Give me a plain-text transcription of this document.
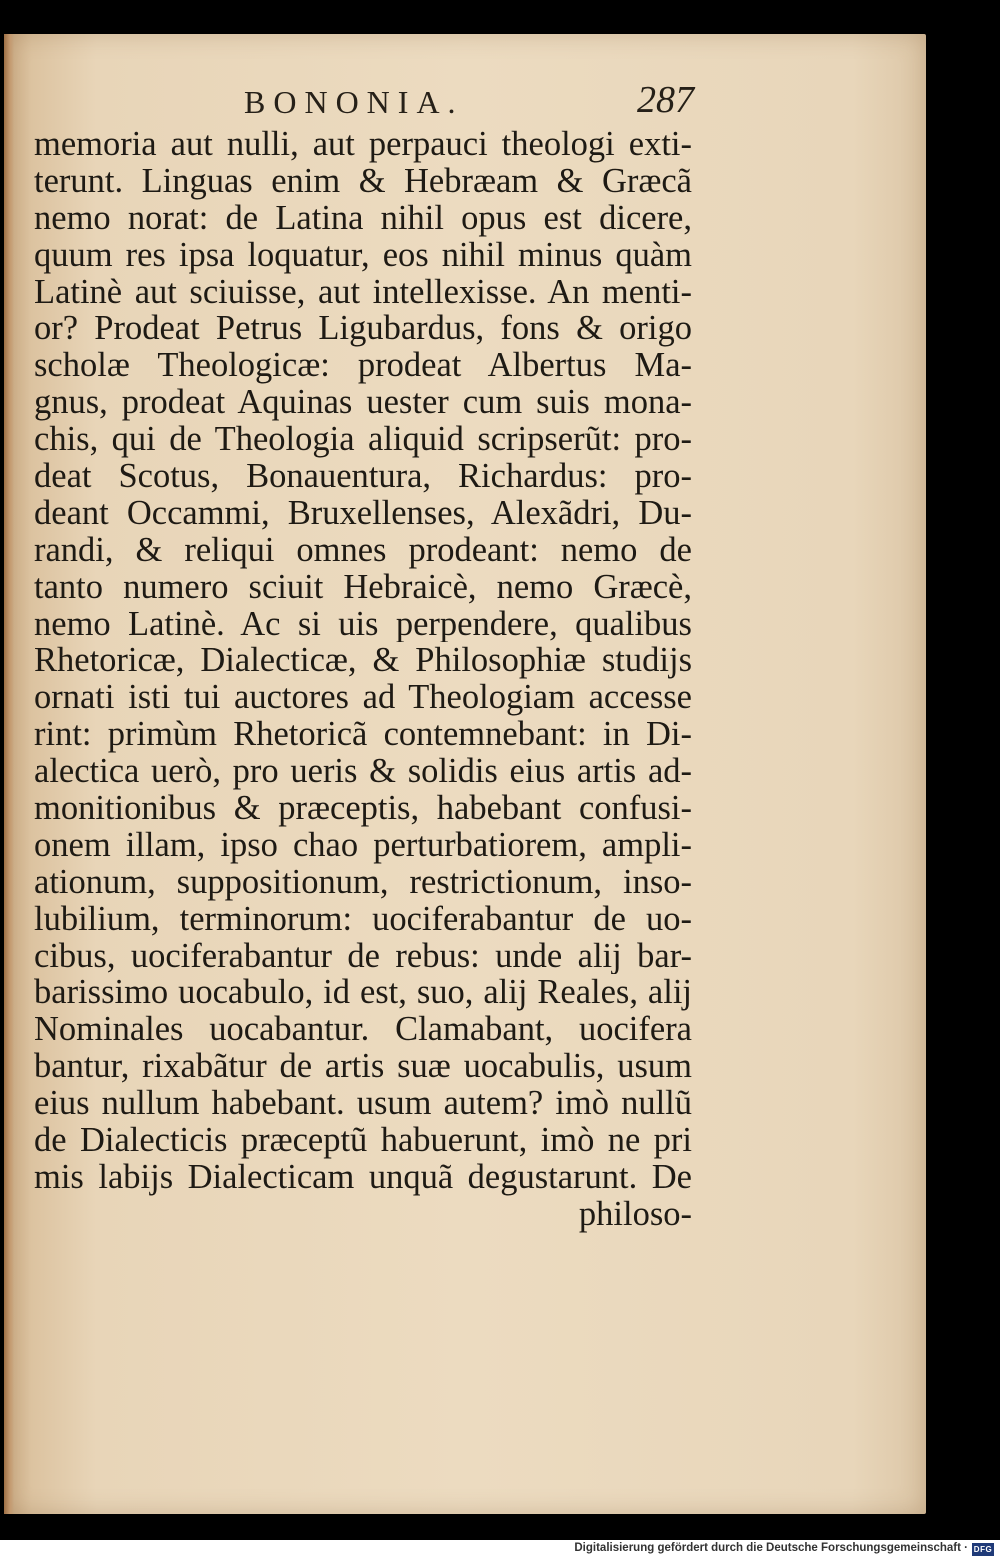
BONONIA.	287
memoria aut nulli, aut perpauci theologi exti-
terunt. Linguas enim & Hebræam & Græcã
nemo norat: de Latina nihil opus est dicere,
quum res ipsa loquatur, eos nihil minus quàm
Latinè aut sciuisse, aut intellexisse. An menti-
or? Prodeat Petrus Ligubardus, fons & origo
scholæ Theologicæ: prodeat Albertus Ma-
gnus, prodeat Aquinas uester cum suis mona-
chis, qui de Theologia aliquid scripserũt: pro-
deat Scotus, Bonauentura, Richardus: pro-
deant Occammi, Bruxellenses, Alexãdri, Du-
randi, & reliqui omnes prodeant: nemo de
tanto numero sciuit Hebraicè, nemo Græcè,
nemo Latinè. Ac si uis perpendere, qualibus
Rhetoricæ, Dialecticæ, & Philosophiæ studijs
ornati isti tui auctores ad Theologiam accesse
rint: primùm Rhetoricã contemnebant: in Di-
alectica uerò, pro ueris & solidis eius artis ad-
monitionibus & præceptis, habebant confusi-
onem illam, ipso chao perturbatiorem, ampli-
ationum, suppositionum, restrictionum, inso-
lubilium, terminorum: uociferabantur de uo-
cibus, uociferabantur de rebus: unde alij bar-
barissimo uocabulo, id est, suo, alij Reales, alij
Nominales uocabantur. Clamabant, uocifera
bantur, rixabãtur de artis suæ uocabulis, usum
eius nullum habebant. usum autem? imò nullũ
de Dialecticis præceptũ habuerunt, imò ne pri
mis labijs Dialecticam unquã degustarunt. De
philoso-
Digitalisierung gefördert durch die Deutsche Forschungsgemeinschaft · DFG
